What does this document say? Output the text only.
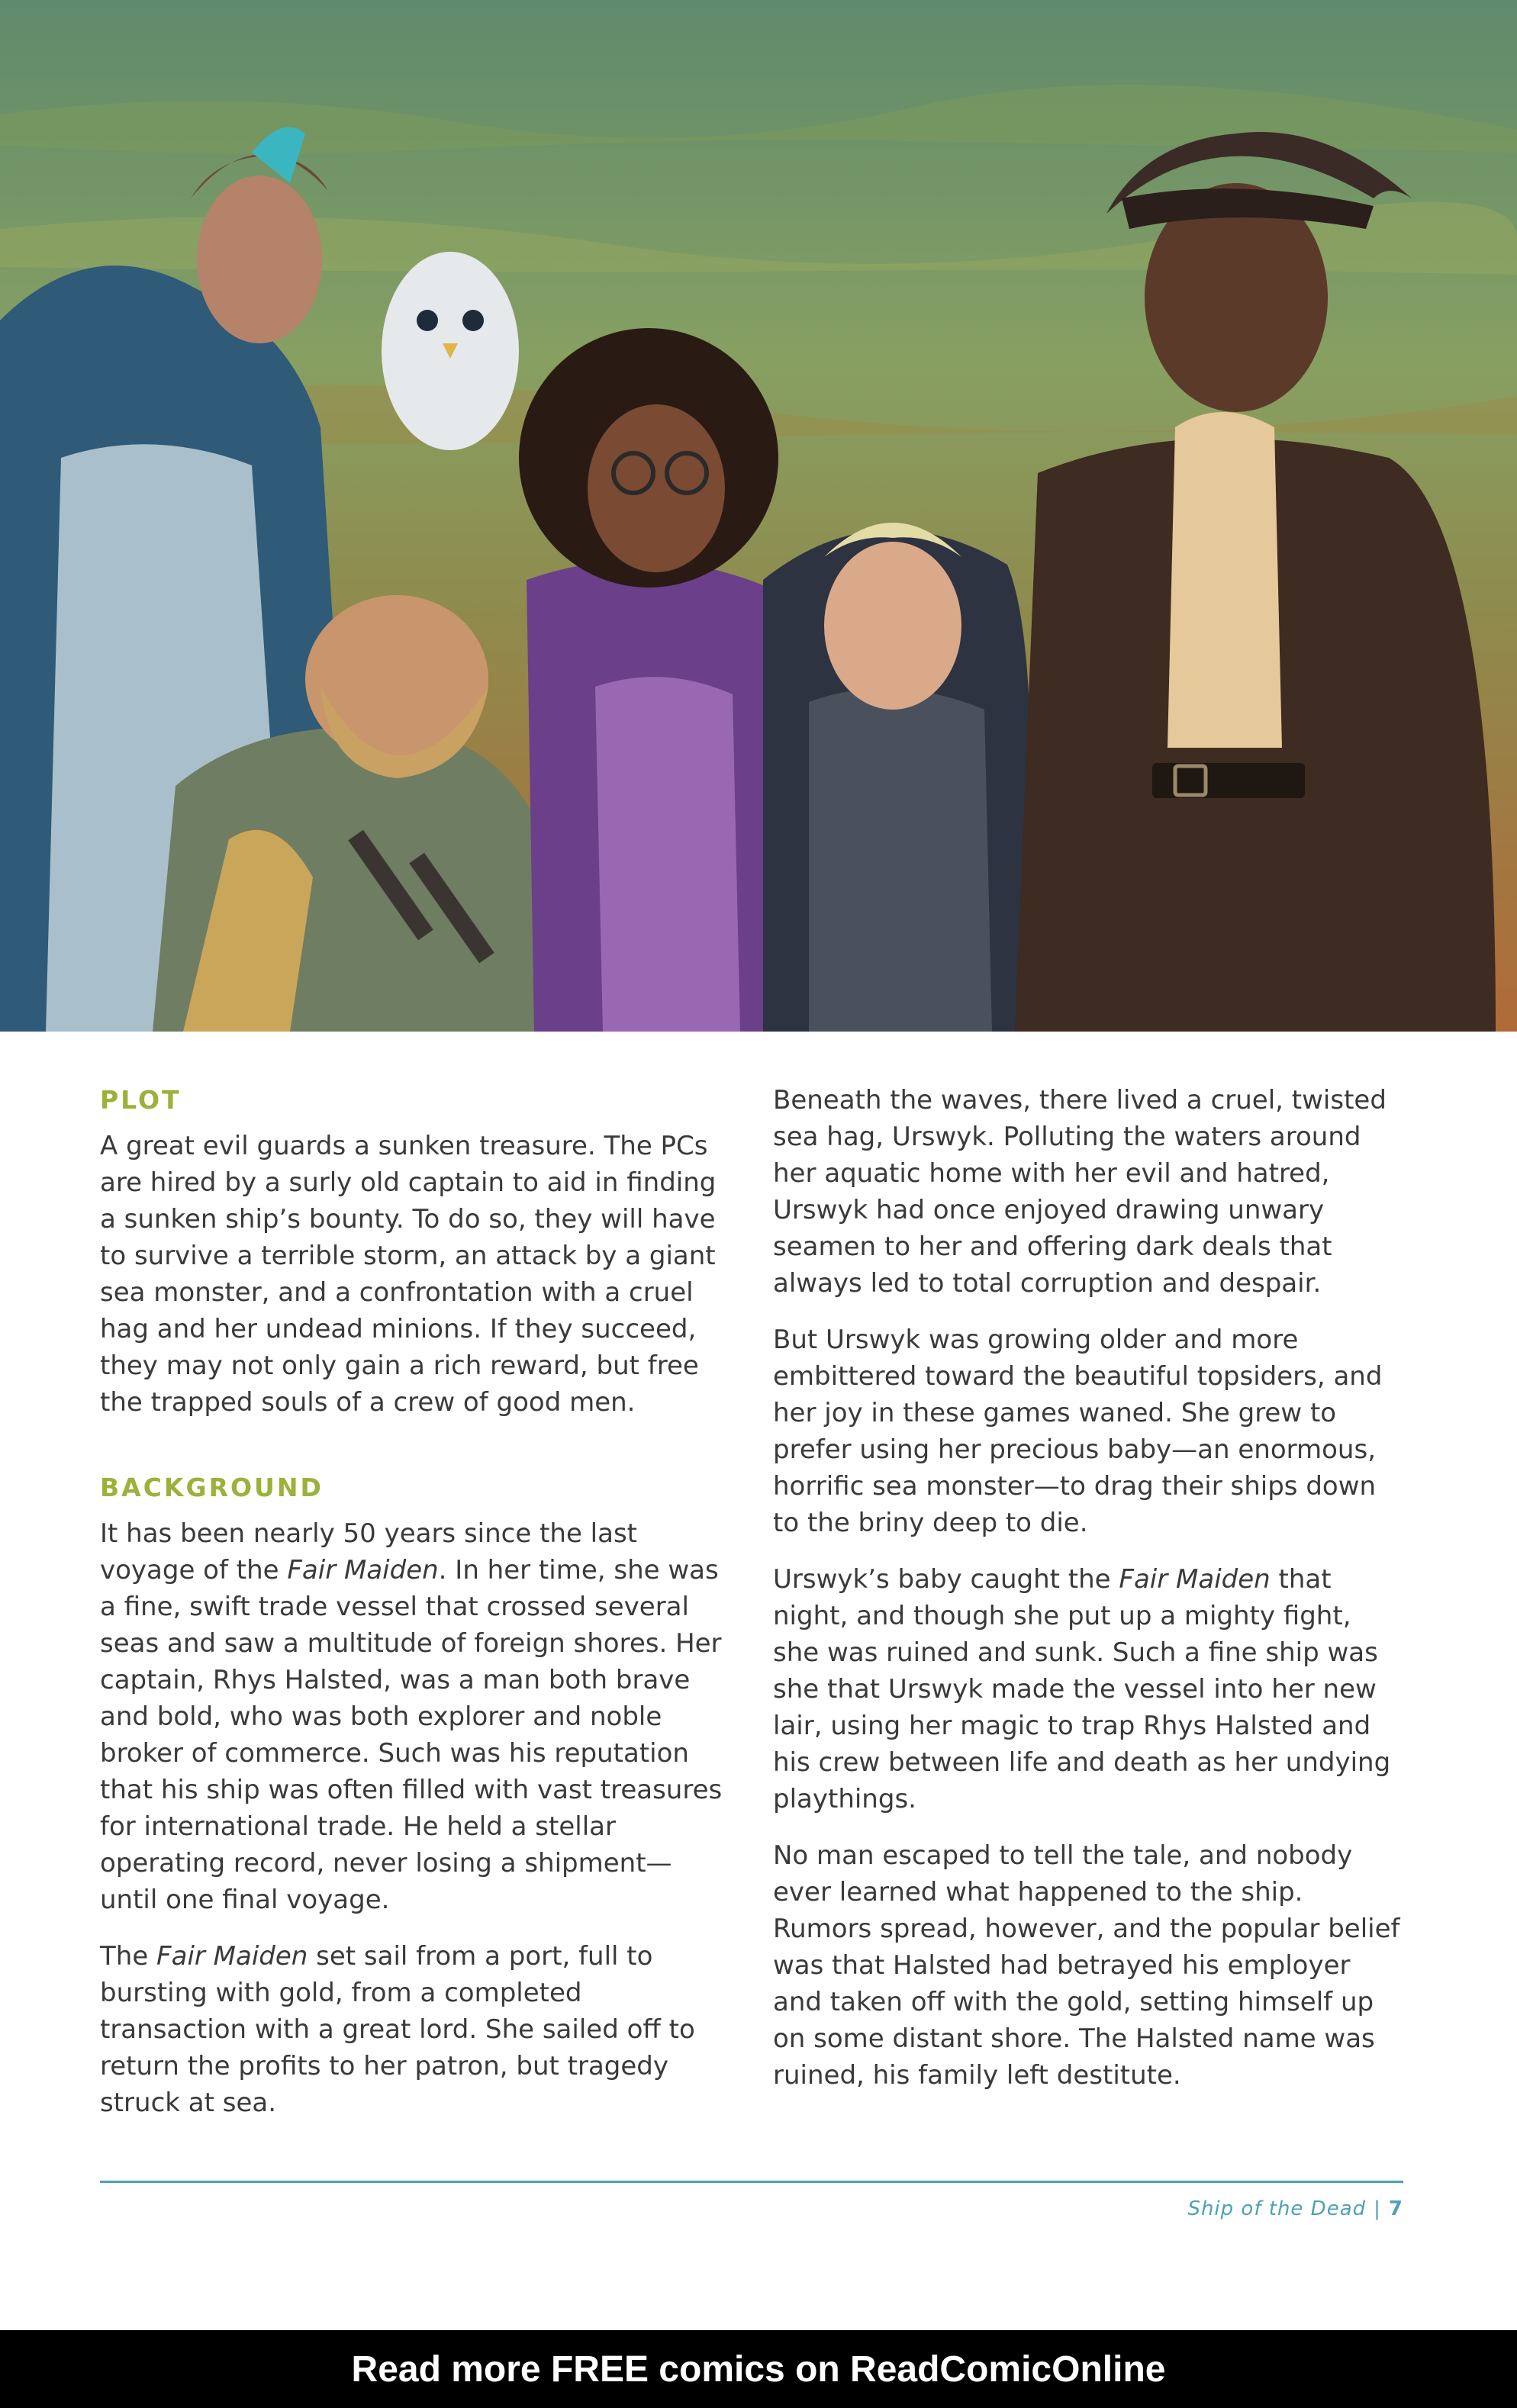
PLOT

A great evil guards a sunken treasure. The PCs are hired by a surly old captain to aid in finding a sunken ship’s bounty. To do so, they will have to survive a terrible storm, an attack by a giant sea monster, and a confrontation with a cruel hag and her undead minions. If they succeed, they may not only gain a rich reward, but free the trapped souls of a crew of good men.

BACKGROUND

It has been nearly 50 years since the last voyage of the Fair Maiden. In her time, she was a fine, swift trade vessel that crossed several seas and saw a multitude of foreign shores. Her captain, Rhys Halsted, was a man both brave and bold, who was both explorer and noble broker of commerce. Such was his reputation that his ship was often filled with vast treasures for international trade. He held a stellar operating record, never losing a shipment—until one final voyage.

The Fair Maiden set sail from a port, full to bursting with gold, from a completed transaction with a great lord. She sailed off to return the profits to her patron, but tragedy struck at sea.

Beneath the waves, there lived a cruel, twisted sea hag, Urswyk. Polluting the waters around her aquatic home with her evil and hatred, Urswyk had once enjoyed drawing unwary seamen to her and offering dark deals that always led to total corruption and despair.

But Urswyk was growing older and more embittered toward the beautiful topsiders, and her joy in these games waned. She grew to prefer using her precious baby—an enormous, horrific sea monster—to drag their ships down to the briny deep to die.

Urswyk’s baby caught the Fair Maiden that night, and though she put up a mighty fight, she was ruined and sunk. Such a fine ship was she that Urswyk made the vessel into her new lair, using her magic to trap Rhys Halsted and his crew between life and death as her undying playthings.

No man escaped to tell the tale, and nobody ever learned what happened to the ship. Rumors spread, however, and the popular belief was that Halsted had betrayed his employer and taken off with the gold, setting himself up on some distant shore. The Halsted name was ruined, his family left destitute.

Ship of the Dead | 7
Read more FREE comics on ReadComicOnline
